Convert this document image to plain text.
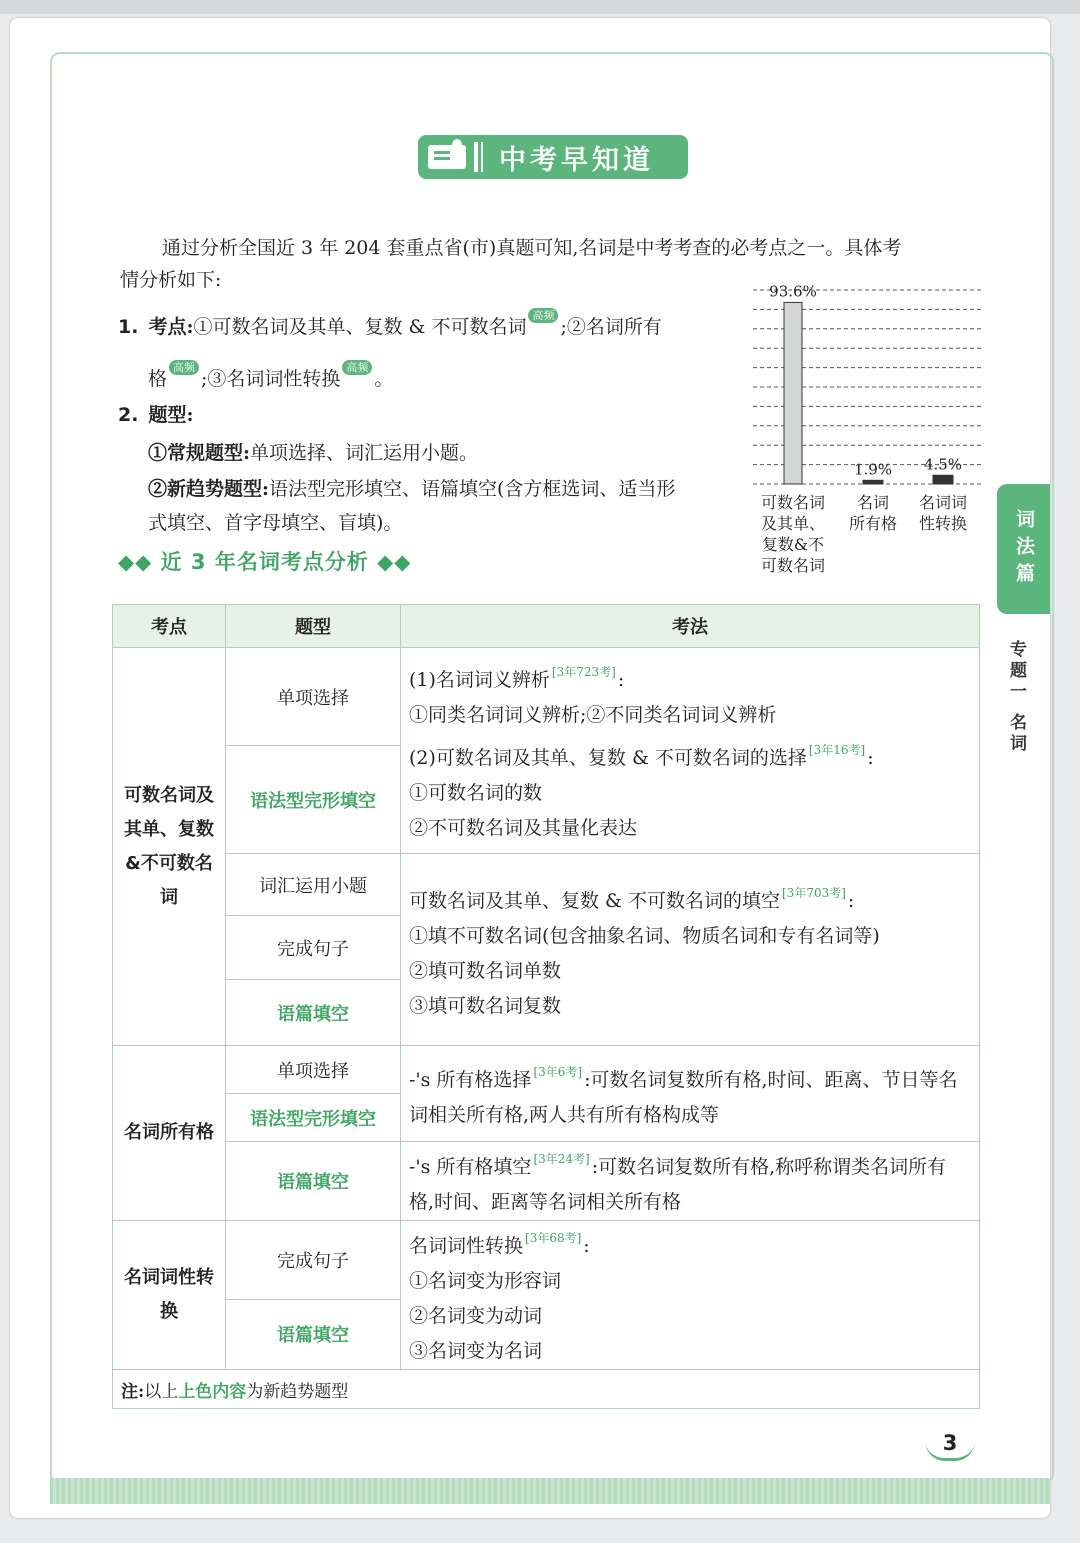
中考早知道
通过分析全国近 3 年 204 套重点省(市)真题可知,名词是中考考查的必考点之一。具体考
情分析如下:
1. 考点:①可数名词及其单、复数 & 不可数名词高频;②名词所有
格高频;③名词词性转换高频。
2. 题型:
①常规题型:单项选择、词汇运用小题。
②新趋势题型:语法型完形填空、语篇填空(含方框选词、适当形
式填空、首字母填空、盲填)。
◆◆ 近 3 年名词考点分析 ◆◆
93.6%
可数名词
及其单、
复数&不
可数名词
1.9%
名词
所有格
4.5%
名词词
性转换	词法篇
专题一 名词
考点	题型	考法
可数名词及其单、复数&不可数名词	单项选择	(1)名词词义辨析 [3年723考] :
①同类名词词义辨析;②不同类名词词义辨析
(2)可数名词及其单、复数 & 不可数名词的选择 [3年16考] :
①可数名词的数
②不可数名词及其量化表达

	语法型完形填空	
	词汇运用小题	可数名词及其单、复数 & 不可数名词的填空 [3年703考] :
①填不可数名词(包含抽象名词、物质名词和专有名词等)
②填可数名词单数
③填可数名词复数

	完成句子	
	语篇填空	
名词所有格	单项选择	-'s 所有格选择 [3年6考] :可数名词复数所有格,时间、距离、节日等名词相关所有格,两人共有所有格构成等
	语法型完形填空	
	语篇填空	-'s 所有格填空 [3年24考] :可数名词复数所有格,称呼称谓类名词所有格,时间、距离等名词相关所有格
名词词性转换	完成句子	名词词性转换 [3年68考] :
①名词变为形容词
②名词变为动词
③名词变为名词

	语篇填空	
注:以上上色内容为新趋势题型		
3
